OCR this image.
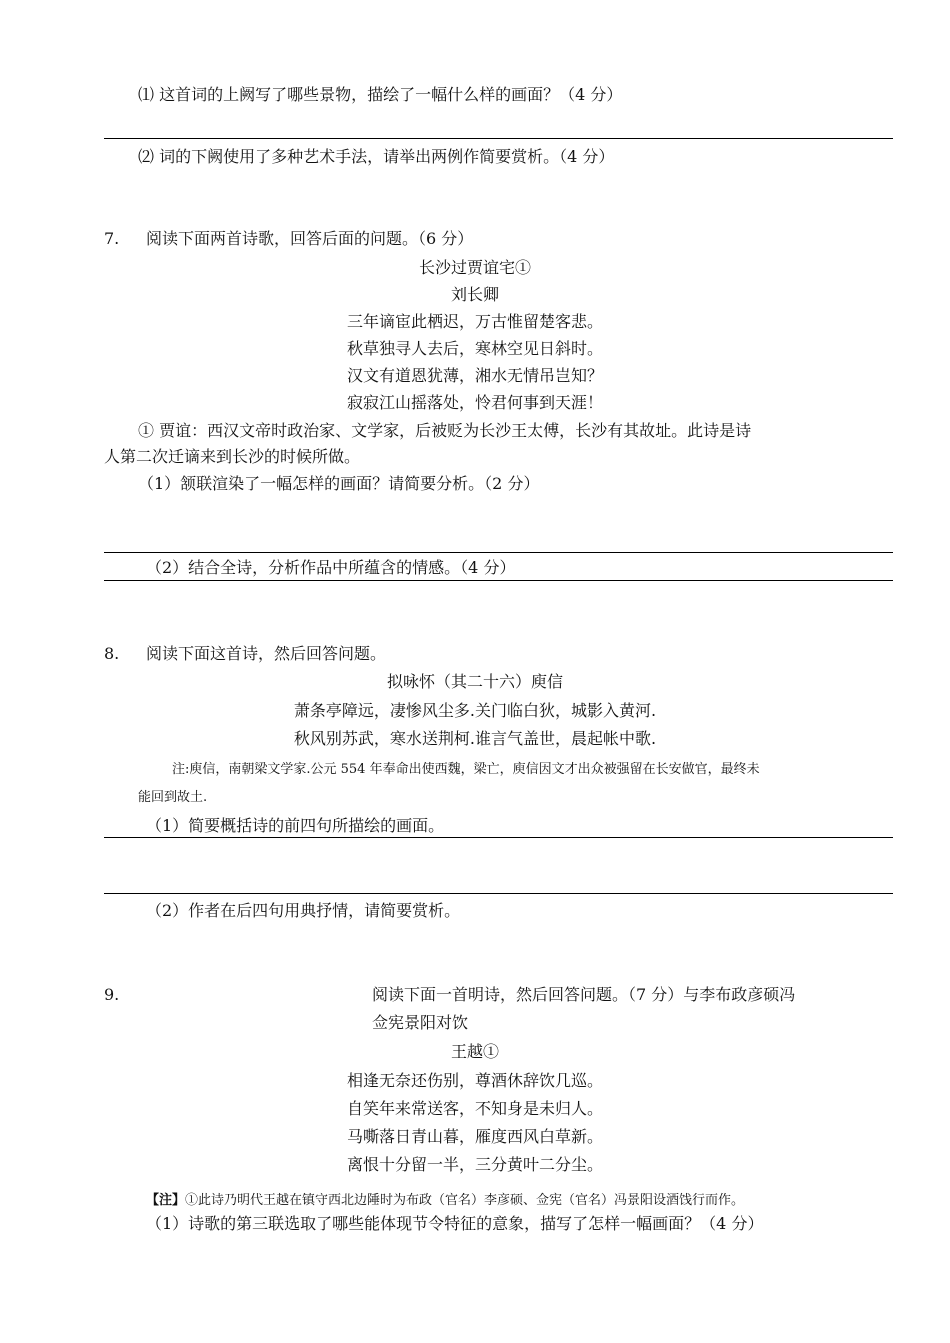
⑴ 这首词的上阙写了哪些景物，描绘了一幅什么样的画面？（4 分）
⑵ 词的下阙使用了多种艺术手法，请举出两例作简要赏析。（4 分）
7. 阅读下面两首诗歌，回答后面的问题。（6 分）
长沙过贾谊宅①
刘长卿
三年谪宦此栖迟，万古惟留楚客悲。
秋草独寻人去后，寒林空见日斜时。
汉文有道恩犹薄，湘水无情吊岂知？
寂寂江山摇落处，怜君何事到天涯！
① 贾谊：西汉文帝时政治家、文学家，后被贬为长沙王太傅，长沙有其故址。此诗是诗
人第二次迁谪来到长沙的时候所做。
（1）颔联渲染了一幅怎样的画面？请简要分析。（2 分）
（2）结合全诗，分析作品中所蕴含的情感。（4 分）
8. 阅读下面这首诗，然后回答问题。
拟咏怀（其二十六）庾信
萧条亭障远，凄惨风尘多.关门临白狄，城影入黄河.
秋风别苏武，寒水送荆柯.谁言气盖世，晨起帐中歌.
注:庾信，南朝梁文学家.公元 554 年奉命出使西魏，梁亡，庾信因文才出众被强留在长安做官，最终未
能回到故土.
（1）简要概括诗的前四句所描绘的画面。
（2）作者在后四句用典抒情，请简要赏析。
9.	阅读下面一首明诗，然后回答问题。（7 分）与李布政彦硕冯
佥宪景阳对饮
王越①
相逢无奈还伤别，尊酒休辞饮几巡。
自笑年来常送客，不知身是未归人。
马嘶落日青山暮，雁度西风白草新。
离恨十分留一半，三分黄叶二分尘。
【注】①此诗乃明代王越在镇守西北边陲时为布政（官名）李彦硕、佥宪（官名）冯景阳设酒饯行而作。
（1）诗歌的第三联选取了哪些能体现节令特征的意象，描写了怎样一幅画面？（4 分）
